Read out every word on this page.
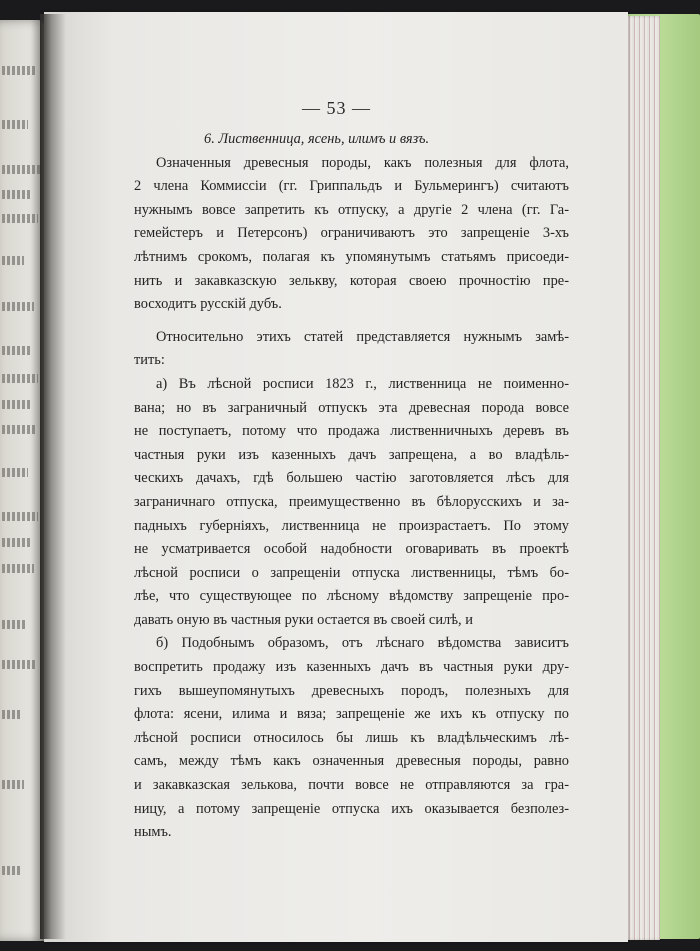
— 53 —
6. Лиственница, ясень, илимъ и вязъ.
Означенныя древесныя породы, какъ полезныя для флота,
2 члена Коммиссіи (гг. Гриппальдъ и Бульмерингъ) считаютъ
нужнымъ вовсе запретить къ отпуску, а другіе 2 члена (гг. Га-
гемейстеръ и Петерсонъ) ограничиваютъ это запрещеніе 3-хъ
лѣтнимъ срокомъ, полагая къ упомянутымъ статьямъ присоеди-
нить и закавказскую зелькву, которая своею прочностію пре-
восходитъ русскій дубъ.
Относительно этихъ статей представляется нужнымъ замѣ-
тить:
а) Въ лѣсной росписи 1823 г., лиственница не поименно-
вана; но въ заграничный отпускъ эта древесная порода вовсе
не поступаетъ, потому что продажа лиственничныхъ деревъ въ
частныя руки изъ казенныхъ дачъ запрещена, а во владѣль-
ческихъ дачахъ, гдѣ большею частію заготовляется лѣсъ для
заграничнаго отпуска, преимущественно въ бѣлорусскихъ и за-
падныхъ губерніяхъ, лиственница не произрастаетъ. По этому
не усматривается особой надобности оговаривать въ проектѣ
лѣсной росписи о запрещеніи отпуска лиственницы, тѣмъ бо-
лѣе, что существующее по лѣсному вѣдомству запрещеніе про-
давать оную въ частныя руки остается въ своей силѣ, и
б) Подобнымъ образомъ, отъ лѣснаго вѣдомства зависитъ
воспретить продажу изъ казенныхъ дачъ въ частныя руки дру-
гихъ вышеупомянутыхъ древесныхъ породъ, полезныхъ для
флота: ясени, илима и вяза; запрещеніе же ихъ къ отпуску по
лѣсной росписи относилось бы лишь къ владѣльческимъ лѣ-
самъ, между тѣмъ какъ означенныя древесныя породы, равно
и закавказская зелькова, почти вовсе не отправляются за гра-
ницу, а потому запрещеніе отпуска ихъ оказывается безполез-
нымъ.
